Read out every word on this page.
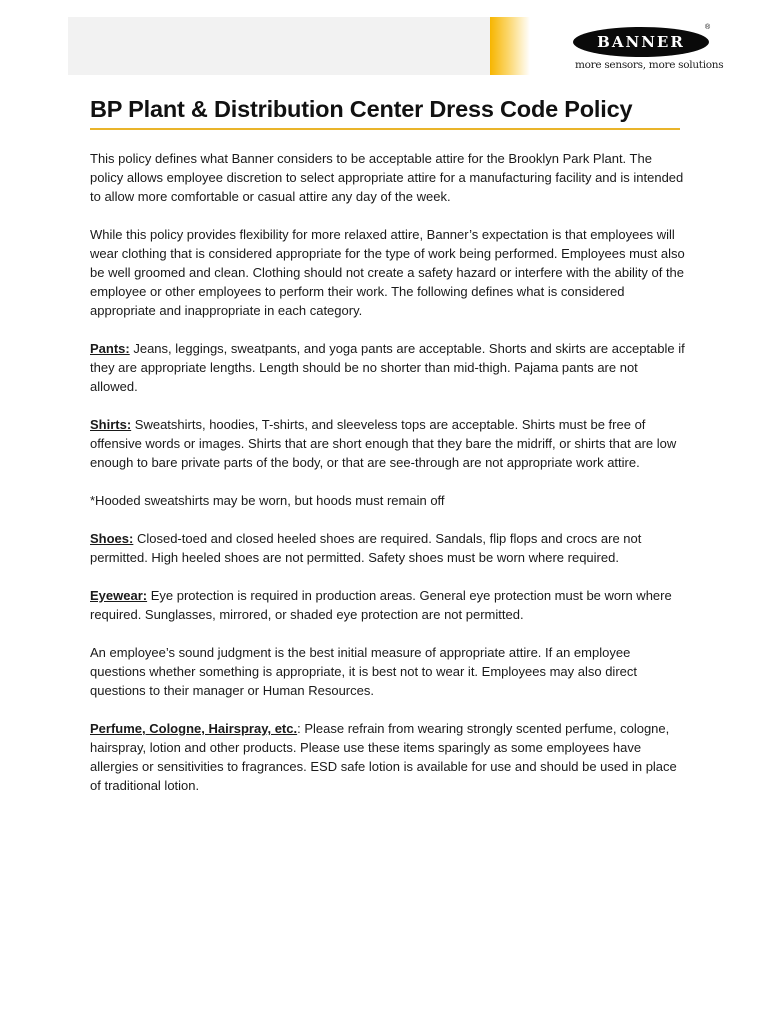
BANNER
®
more sensors, more solutions
BP Plant & Distribution Center Dress Code Policy

This policy defines what Banner considers to be acceptable attire for the Brooklyn Park Plant. The policy allows employee discretion to select appropriate attire for a manufacturing facility and is intended to allow more comfortable or casual attire any day of the week.

While this policy provides flexibility for more relaxed attire, Banner’s expectation is that employees will wear clothing that is considered appropriate for the type of work being performed. Employees must also be well groomed and clean. Clothing should not create a safety hazard or interfere with the ability of the employee or other employees to perform their work. The following defines what is considered appropriate and inappropriate in each category.

Pants: Jeans, leggings, sweatpants, and yoga pants are acceptable. Shorts and skirts are acceptable if they are appropriate lengths. Length should be no shorter than mid-thigh. Pajama pants are not allowed.

Shirts: Sweatshirts, hoodies, T-shirts, and sleeveless tops are acceptable. Shirts must be free of offensive words or images. Shirts that are short enough that they bare the midriff, or shirts that are low enough to bare private parts of the body, or that are see-through are not appropriate work attire.

*Hooded sweatshirts may be worn, but hoods must remain off

Shoes: Closed-toed and closed heeled shoes are required. Sandals, flip flops and crocs are not permitted. High heeled shoes are not permitted. Safety shoes must be worn where required.

Eyewear: Eye protection is required in production areas. General eye protection must be worn where required. Sunglasses, mirrored, or shaded eye protection are not permitted.

An employee’s sound judgment is the best initial measure of appropriate attire. If an employee questions whether something is appropriate, it is best not to wear it. Employees may also direct questions to their manager or Human Resources.

Perfume, Cologne, Hairspray, etc.: Please refrain from wearing strongly scented perfume, cologne, hairspray, lotion and other products. Please use these items sparingly as some employees have allergies or sensitivities to fragrances. ESD safe lotion is available for use and should be used in place of traditional lotion.
